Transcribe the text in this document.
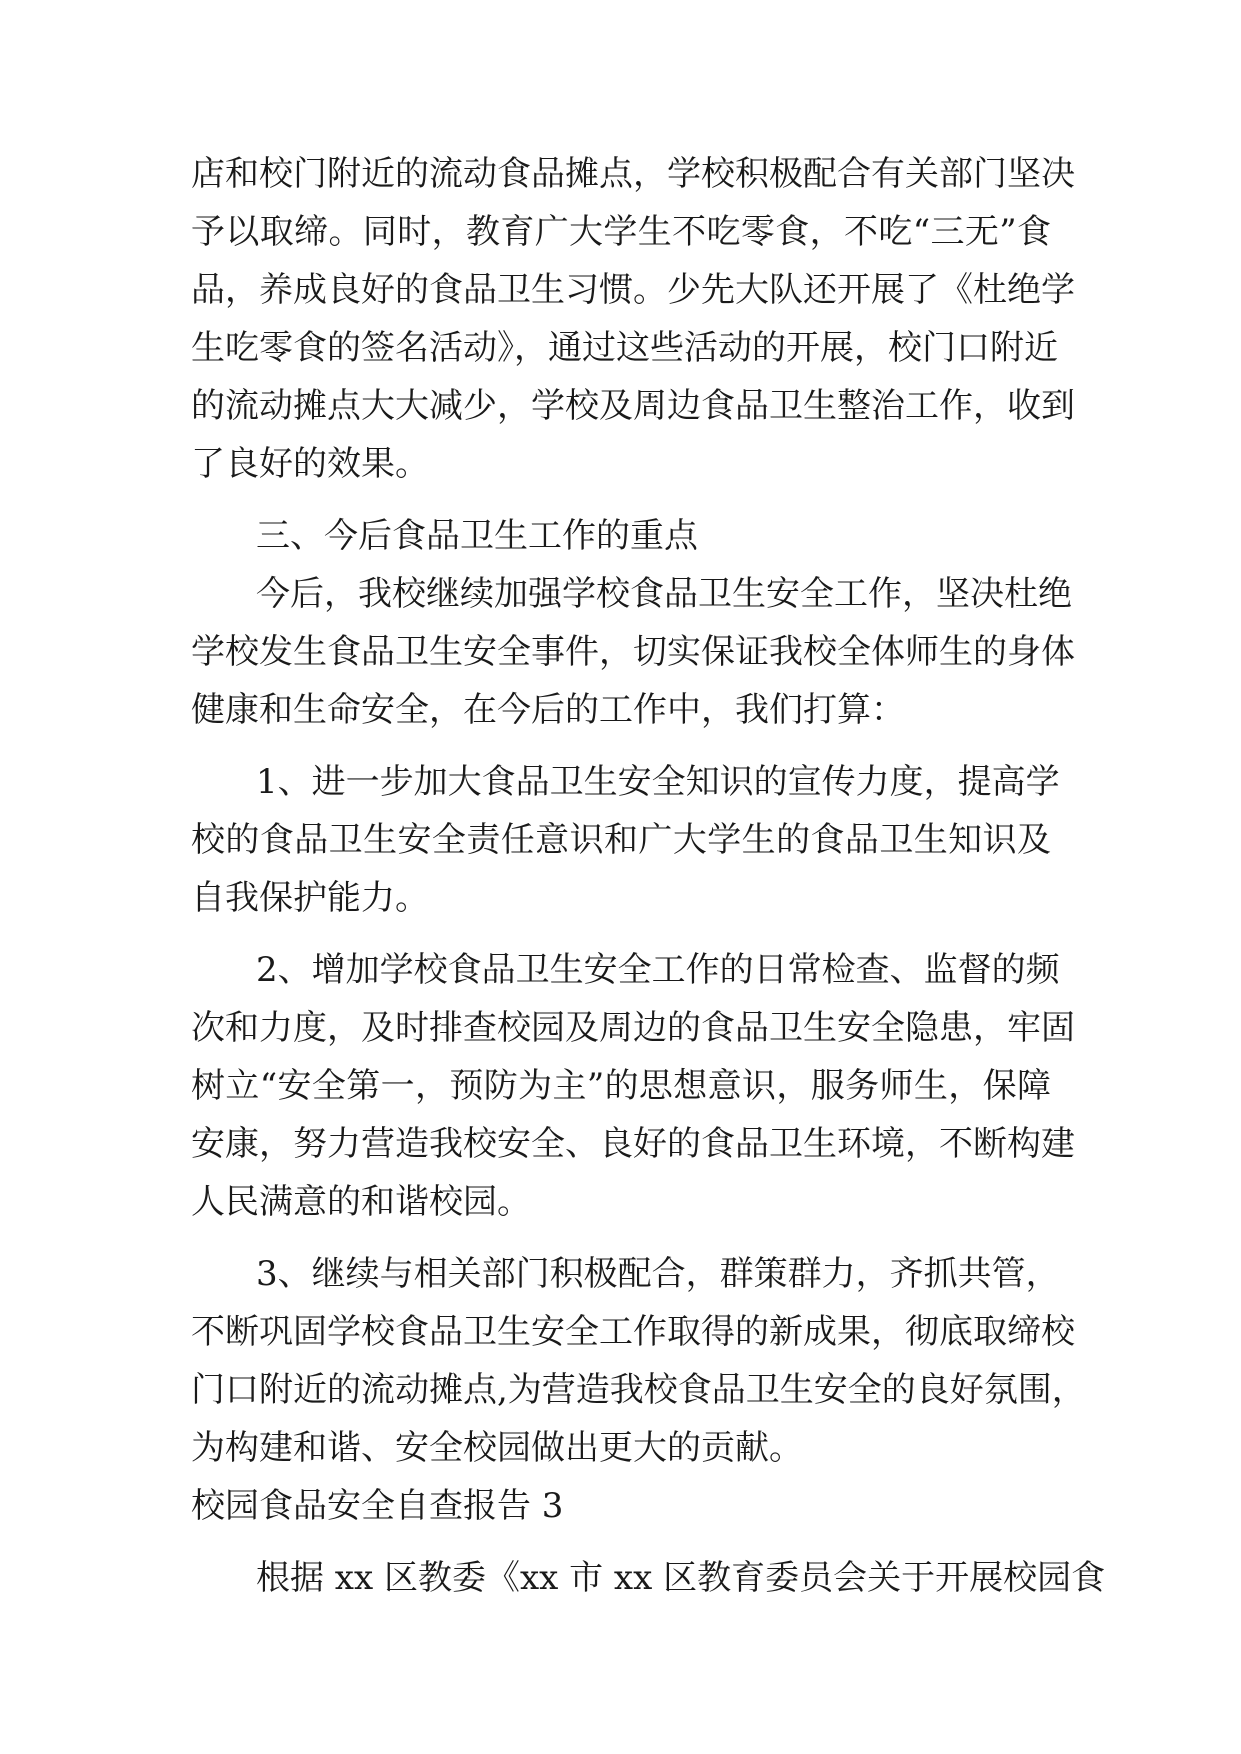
店和校门附近的流动食品摊点，学校积极配合有关部门坚决
予以取缔。同时，教育广大学生不吃零食，不吃“三无”食
品，养成良好的食品卫生习惯。少先大队还开展了《杜绝学
生吃零食的签名活动》，通过这些活动的开展，校门口附近
的流动摊点大大减少，学校及周边食品卫生整治工作，收到
了良好的效果。
三、今后食品卫生工作的重点
今后，我校继续加强学校食品卫生安全工作，坚决杜绝
学校发生食品卫生安全事件，切实保证我校全体师生的身体
健康和生命安全，在今后的工作中，我们打算：
1、进一步加大食品卫生安全知识的宣传力度，提高学
校的食品卫生安全责任意识和广大学生的食品卫生知识及
自我保护能力。
2、增加学校食品卫生安全工作的日常检查、监督的频
次和力度，及时排查校园及周边的食品卫生安全隐患，牢固
树立“安全第一，预防为主”的思想意识，服务师生，保障
安康，努力营造我校安全、良好的食品卫生环境，不断构建
人民满意的和谐校园。
3、继续与相关部门积极配合，群策群力，齐抓共管，
不断巩固学校食品卫生安全工作取得的新成果，彻底取缔校
门口附近的流动摊点,为营造我校食品卫生安全的良好氛围，
为构建和谐、安全校园做出更大的贡献。
校园食品安全自查报告 3
根据 xx 区教委《xx 市 xx 区教育委员会关于开展校园食
